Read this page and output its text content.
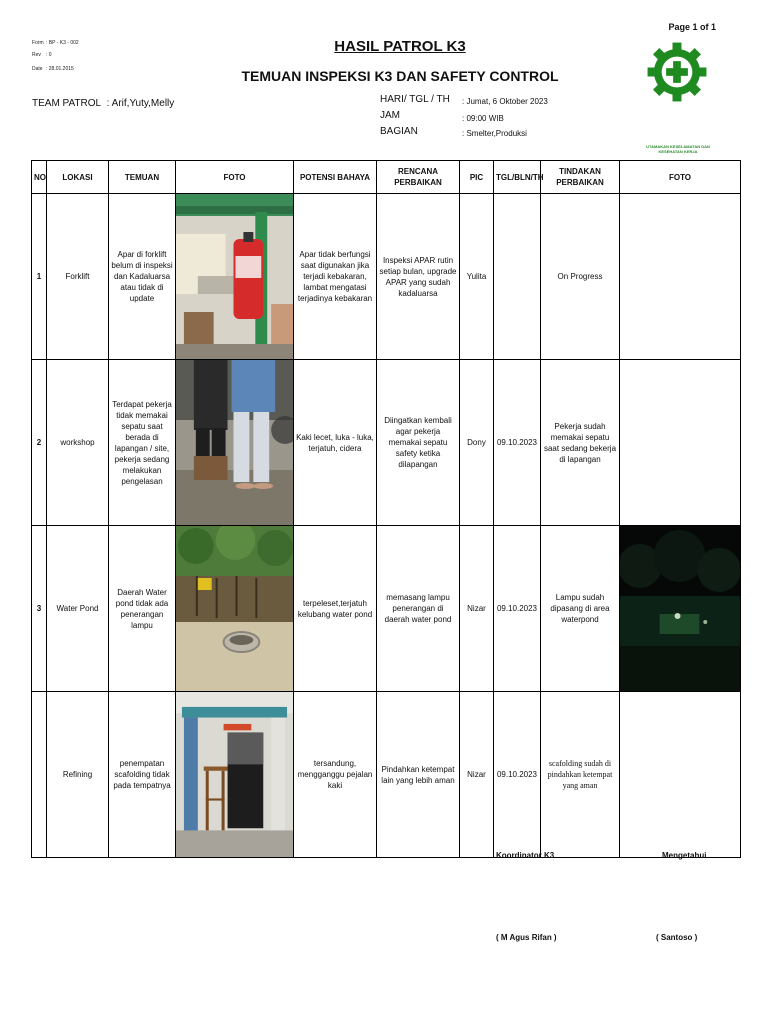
Page 1 of 1
Form : BP - K3 - 002
Rev : 0
Date : 28.01.2015
HASIL PATROL K3
TEMUAN INSPEKSI K3 DAN SAFETY CONTROL
TEAM PATROL : Arif,Yuty,Melly	HARI/ TGL / TH : Jumat, 6 Oktober 2023
JAM	: 09:00 WIB
BAGIAN	: Smelter,Produksi
UTAMAKAN KESELAMATAN DAN KESEHATAN KERJA
NO	LOKASI	TEMUAN	FOTO	POTENSI BAHAYA	RENCANA PERBAIKAN	PIC	TGL/BLN/TH	TINDAKAN PERBAIKAN	FOTO
1	Forklift	Apar di forklift belum di inspeksi dan Kadaluarsa atau tidak di update		Apar tidak berfungsi saat digunakan jika terjadi kebakaran, lambat mengatasi terjadinya kebakaran	Inspeksi APAR rutin setiap bulan, upgrade APAR yang sudah kadaluarsa	Yulita		On Progress	
2	workshop	Terdapat pekerja tidak memakai sepatu saat berada di lapangan / site, pekerja sedang melakukan pengelasan		Kaki lecet, luka - luka, terjatuh, cidera	Diingatkan kembali agar pekerja memakai sepatu safety ketika dilapangan	Dony	09.10.2023	Pekerja sudah memakai sepatu saat sedang bekerja di lapangan	
3	Water Pond	Daerah Water pond tidak ada penerangan lampu		terpeleset,terjatuh kelubang water pond	memasang lampu penerangan di daerah water pond	Nizar	09.10.2023	Lampu sudah dipasang di area waterpond	

	Refining	penempatan scafolding tidak pada tempatnya		tersandung, mengganggu pejalan kaki	Pindahkan ketempat lain yang lebih aman	Nizar	09.10.2023	scafolding sudah di pindahkan ketempat yang aman	
Koordinator K3	Mengetahui
( M Agus Rifan )	( Santoso )
